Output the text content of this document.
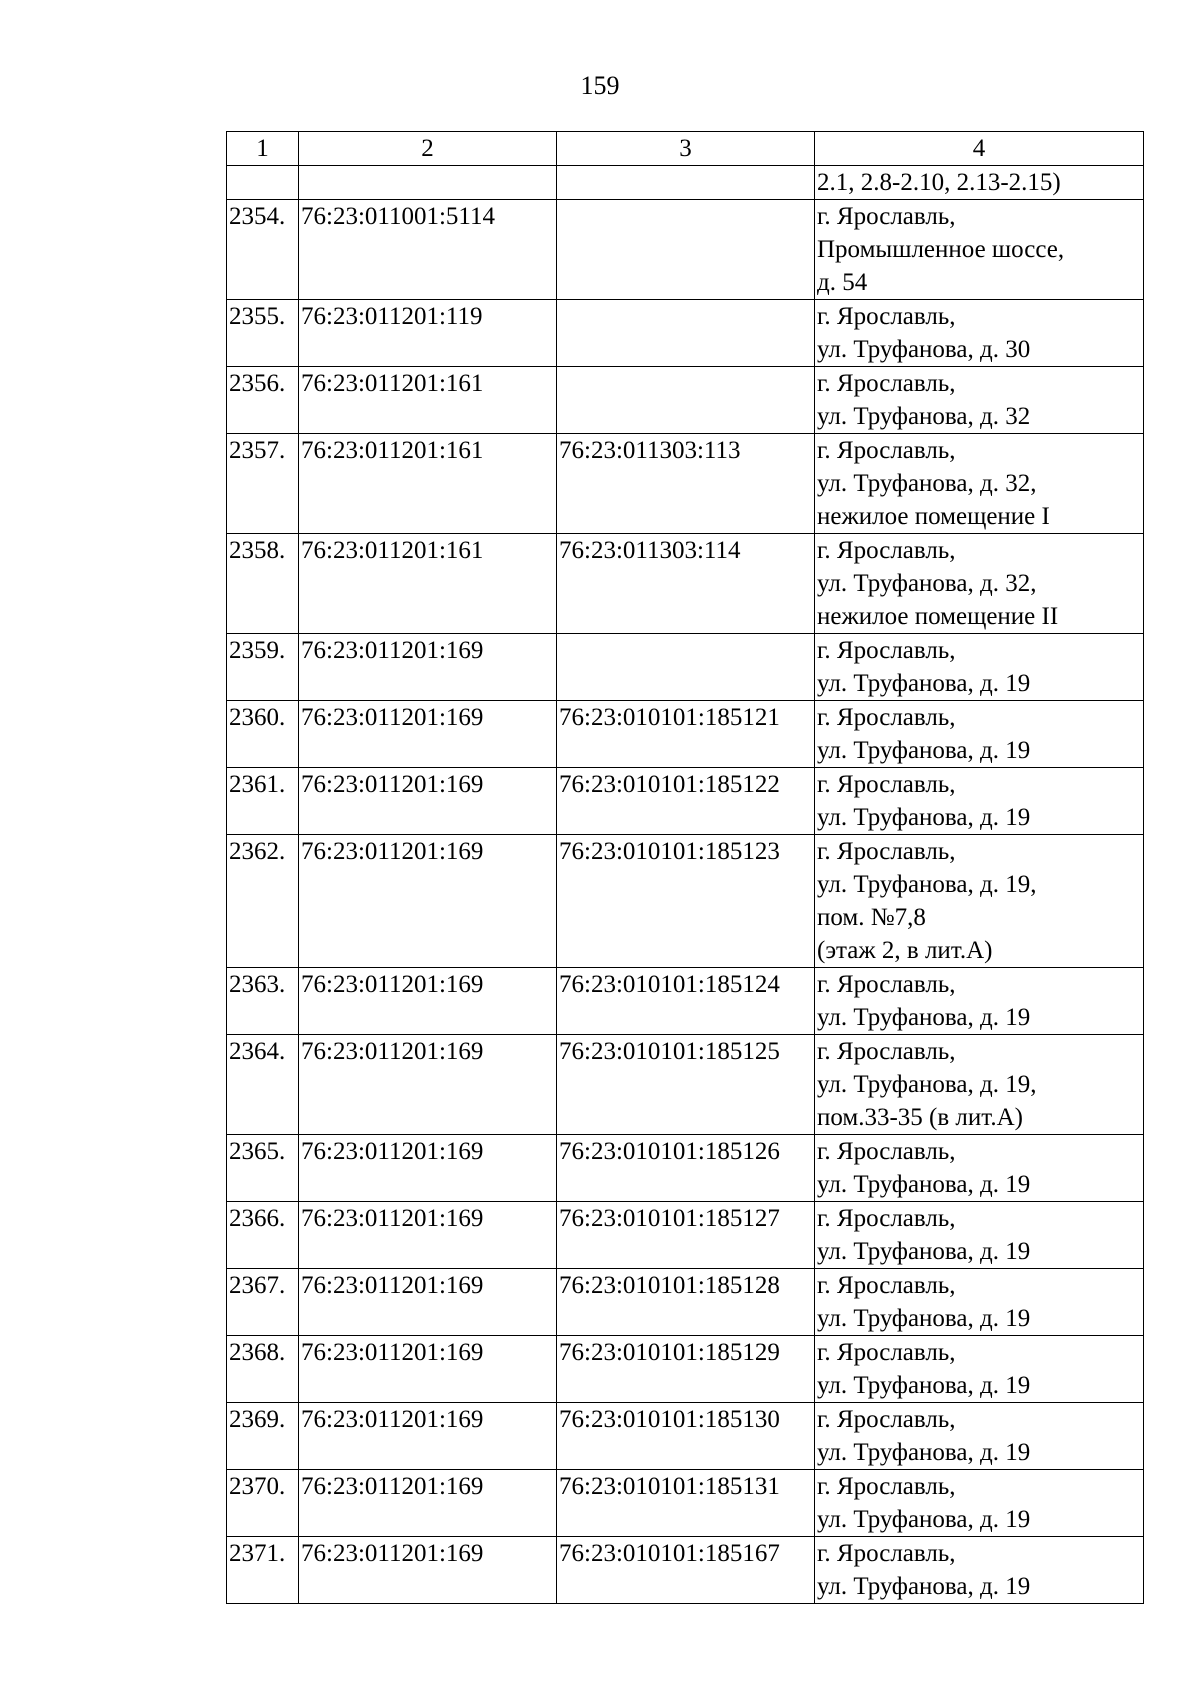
159
1	2	3	4
			2.1, 2.8-2.10, 2.13-2.15)
2354.	76:23:011001:5114		г. Ярославль,
Промышленное шоссе,
д. 54
2355.	76:23:011201:119		г. Ярославль,
ул. Труфанова, д. 30
2356.	76:23:011201:161		г. Ярославль,
ул. Труфанова, д. 32
2357.	76:23:011201:161	76:23:011303:113	г. Ярославль,
ул. Труфанова, д. 32,
нежилое помещение I
2358.	76:23:011201:161	76:23:011303:114	г. Ярославль,
ул. Труфанова, д. 32,
нежилое помещение II
2359.	76:23:011201:169		г. Ярославль,
ул. Труфанова, д. 19
2360.	76:23:011201:169	76:23:010101:185121	г. Ярославль,
ул. Труфанова, д. 19
2361.	76:23:011201:169	76:23:010101:185122	г. Ярославль,
ул. Труфанова, д. 19
2362.	76:23:011201:169	76:23:010101:185123	г. Ярославль,
ул. Труфанова, д. 19,
пом. №7,8
(этаж 2, в лит.А)
2363.	76:23:011201:169	76:23:010101:185124	г. Ярославль,
ул. Труфанова, д. 19
2364.	76:23:011201:169	76:23:010101:185125	г. Ярославль,
ул. Труфанова, д. 19,
пом.33-35 (в лит.А)
2365.	76:23:011201:169	76:23:010101:185126	г. Ярославль,
ул. Труфанова, д. 19
2366.	76:23:011201:169	76:23:010101:185127	г. Ярославль,
ул. Труфанова, д. 19
2367.	76:23:011201:169	76:23:010101:185128	г. Ярославль,
ул. Труфанова, д. 19
2368.	76:23:011201:169	76:23:010101:185129	г. Ярославль,
ул. Труфанова, д. 19
2369.	76:23:011201:169	76:23:010101:185130	г. Ярославль,
ул. Труфанова, д. 19
2370.	76:23:011201:169	76:23:010101:185131	г. Ярославль,
ул. Труфанова, д. 19
2371.	76:23:011201:169	76:23:010101:185167	г. Ярославль,
ул. Труфанова, д. 19
